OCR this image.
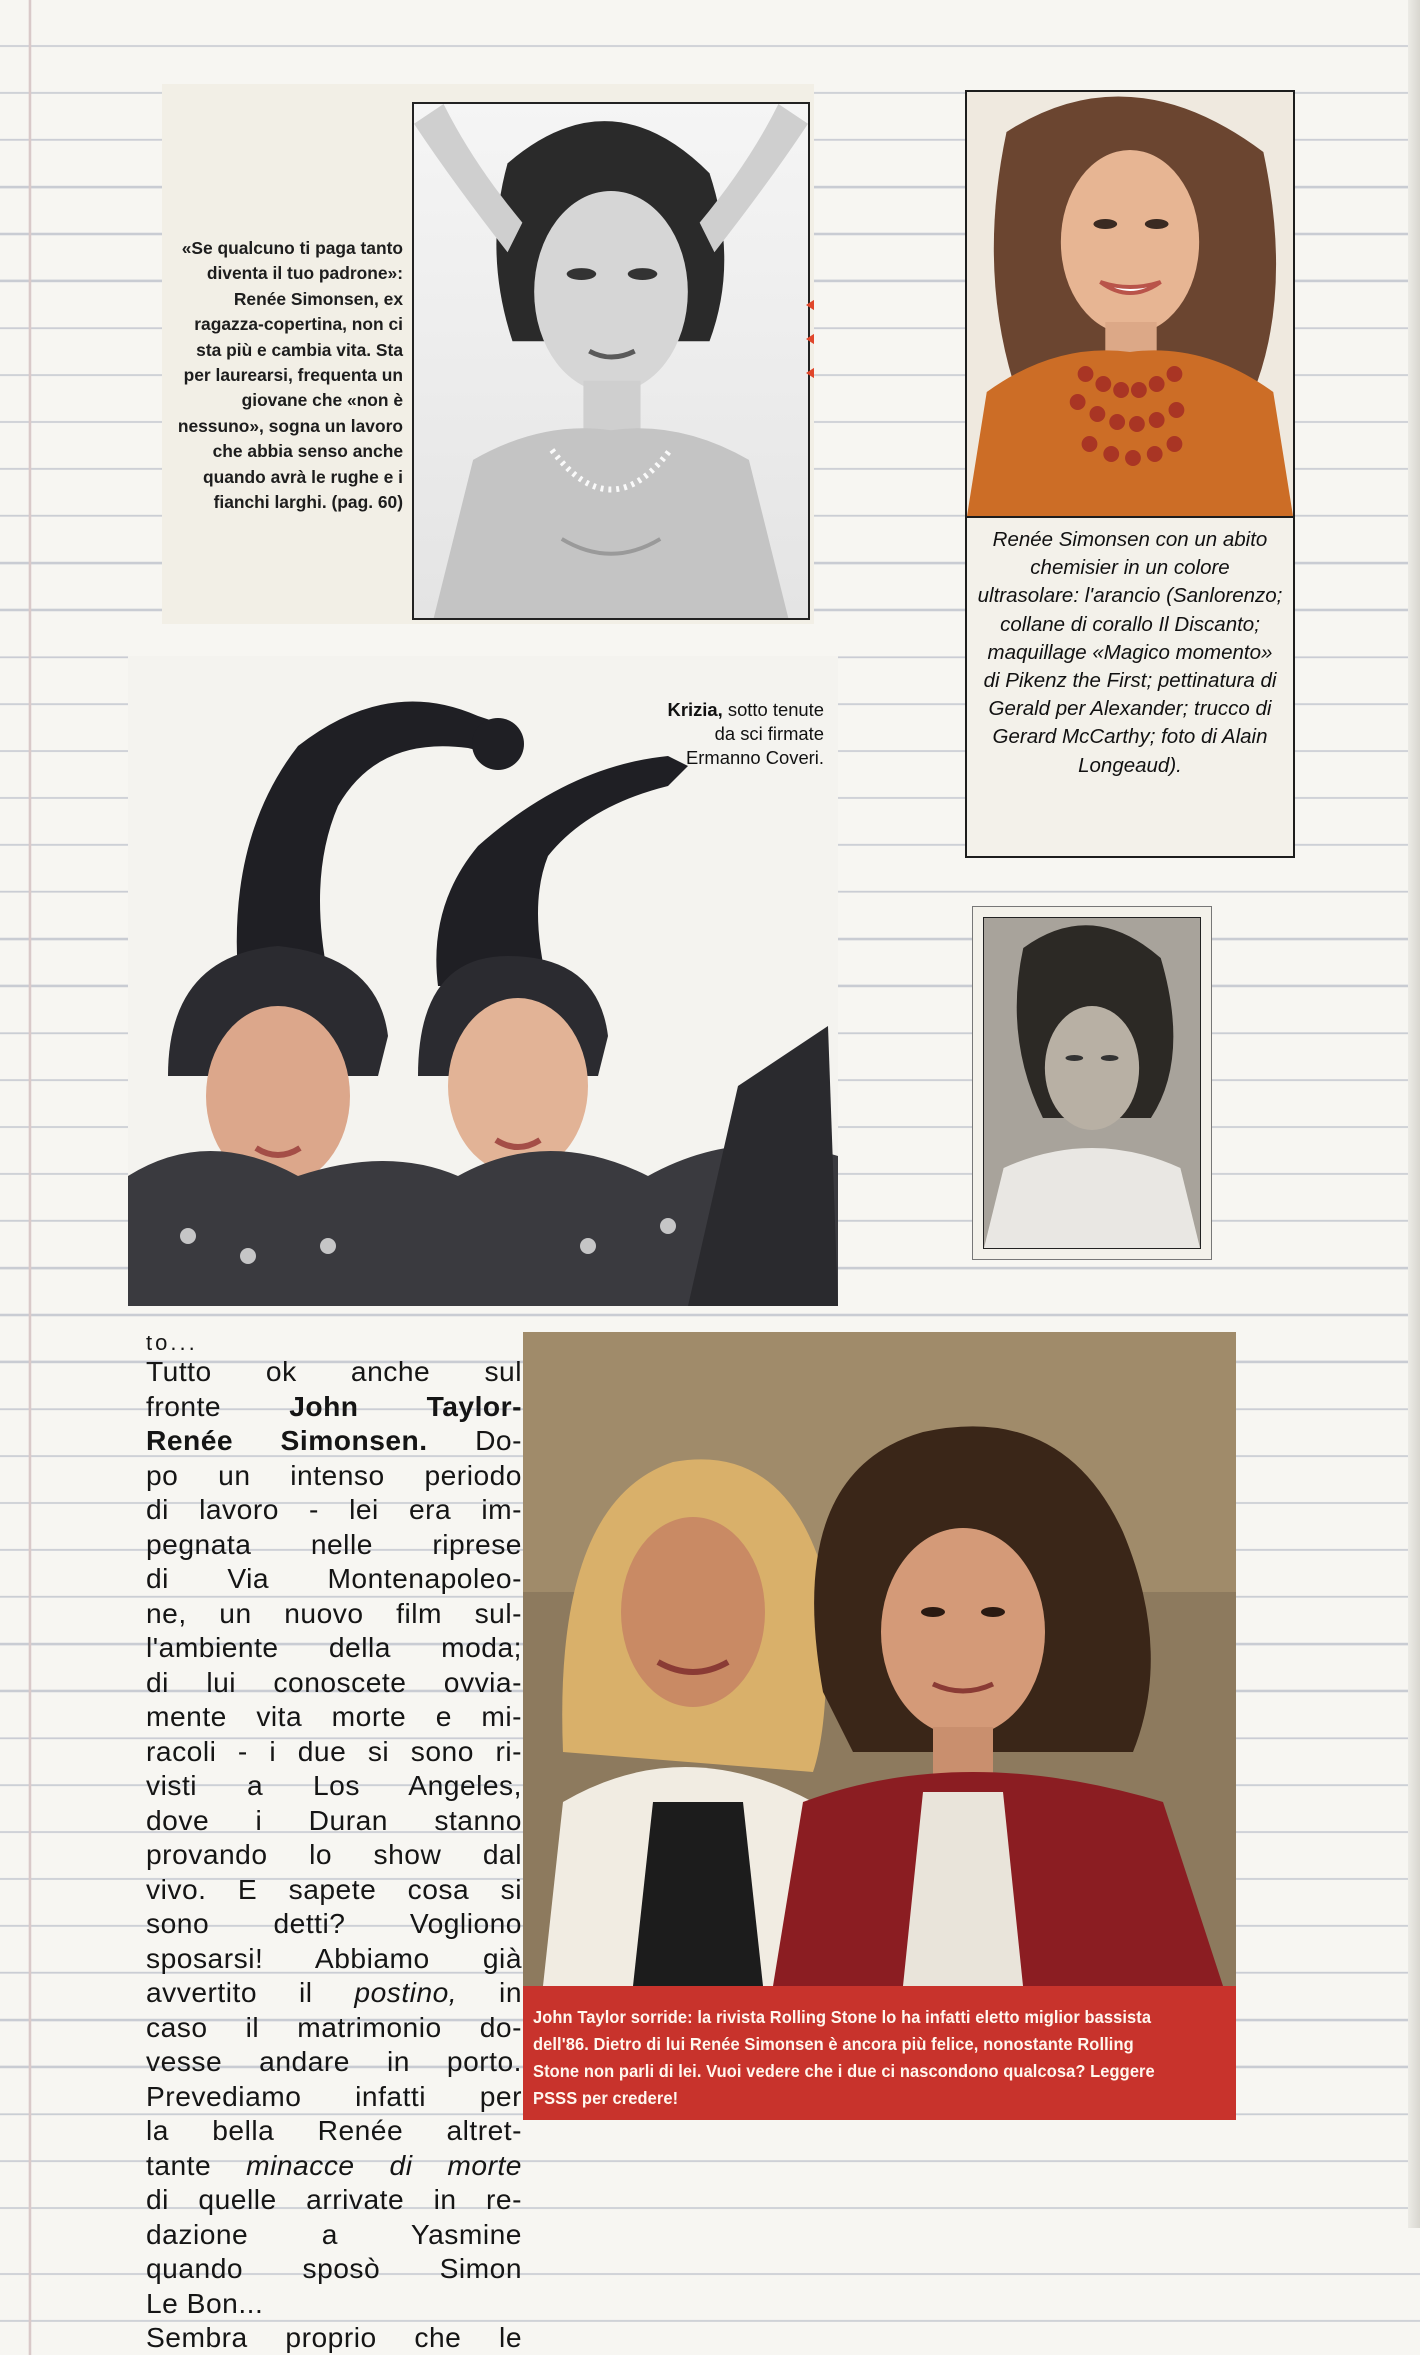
«Se qualcuno ti paga tanto diventa il tuo padrone»: Renée Simonsen, ex ragazza-copertina, non ci sta più e cambia vita. Sta per laurearsi, frequenta un giovane che «non è nessuno», sogna un lavoro che abbia senso anche quando avrà le rughe e i fianchi larghi. (pag. 60)
Renée Simonsen con un abito chemisier in un colore ultrasolare: l'arancio (Sanlorenzo; collane di corallo Il Discanto; maquillage «Magico momento» di Pikenz the First; pettinatura di Gerald per Alexander; trucco di Gerard McCarthy; foto di Alain Longeaud).
Krizia, sotto tenute da sci firmate Ermanno Coveri.
to...
Tutto ok anche sul
fronte John Taylor-
Renée Simonsen. Do-
po un intenso periodo
di lavoro - lei era im-
pegnata nelle riprese
di Via Montenapoleo-
ne, un nuovo film sul-
l'ambiente della moda;
di lui conoscete ovvia-
mente vita morte e mi-
racoli - i due si sono ri-
visti a Los Angeles,
dove i Duran stanno
provando lo show dal
vivo. E sapete cosa si
sono detti? Vogliono
sposarsi! Abbiamo già
avvertito il postino, in
caso il matrimonio do-
vesse andare in porto.
Prevediamo infatti per
la bella Renée altret-
tante minacce di morte
di quelle arrivate in re-
dazione a Yasmine
quando sposò Simon
Le Bon...
Sembra proprio che le
John Taylor sorride: la rivista Rolling Stone lo ha infatti eletto miglior bassista dell'86. Dietro di lui Renée Simonsen è ancora più felice, nonostante Rolling Stone non parli di lei. Vuoi vedere che i due ci nascondono qualcosa? Leggere PSSS per credere!
